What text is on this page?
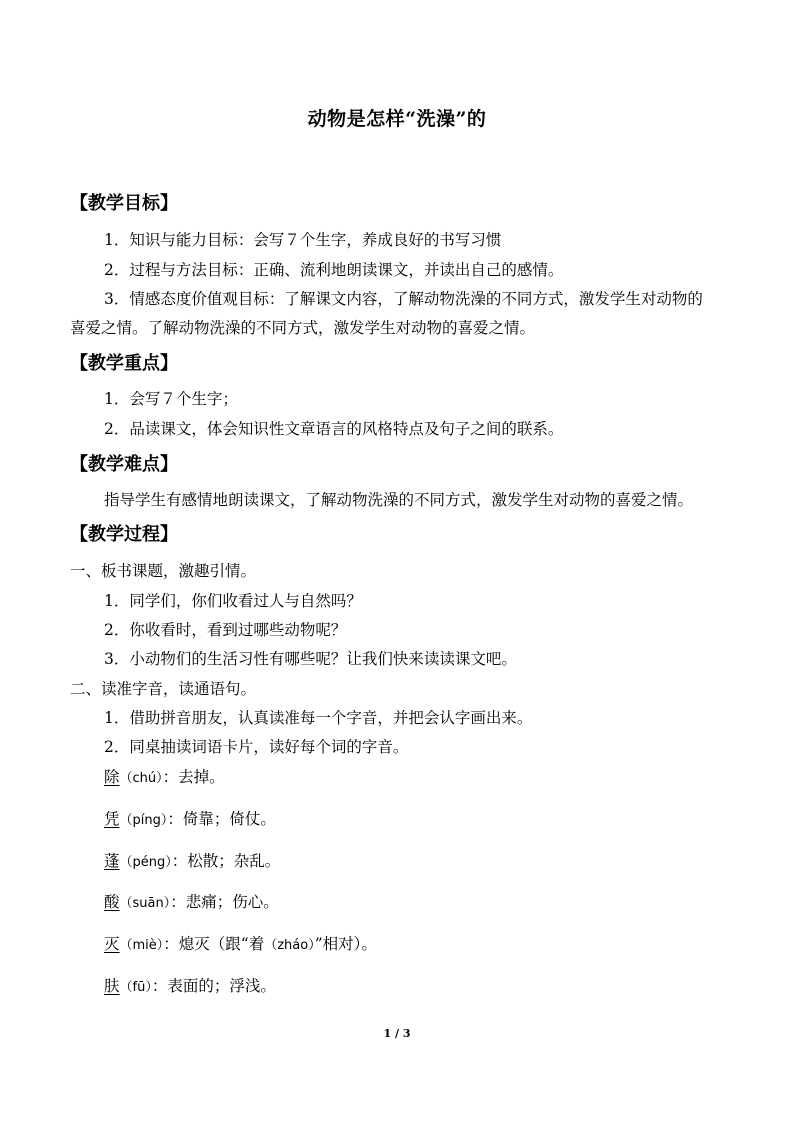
动物是怎样“洗澡”的
【教学目标】
1．知识与能力目标：会写７个生字，养成良好的书写习惯
2．过程与方法目标：正确、流利地朗读课文，并读出自己的感情。
3．情感态度价值观目标：了解课文内容，了解动物洗澡的不同方式，激发学生对动物的
喜爱之情。了解动物洗澡的不同方式，激发学生对动物的喜爱之情。
【教学重点】
1．会写７个生字；
2．品读课文，体会知识性文章语言的风格特点及句子之间的联系。
【教学难点】
指导学生有感情地朗读课文，了解动物洗澡的不同方式，激发学生对动物的喜爱之情。
【教学过程】
一、板书课题，激趣引情。
1．同学们，你们收看过人与自然吗？
2．你收看时，看到过哪些动物呢？
3．小动物们的生活习性有哪些呢？让我们快来读读课文吧。
二、读准字音，读通语句。
1．借助拼音朋友，认真读准每一个字音，并把会认字画出来。
2．同桌抽读词语卡片，读好每个词的字音。
除（chú）：去掉。
凭（píng）：倚靠；倚仗。
蓬（péng）：松散；杂乱。
酸（suān）：悲痛；伤心。
灭（miè）：熄灭（跟“着（zháo）”相对）。
肤（fū）：表面的；浮浅。
1 / 3
